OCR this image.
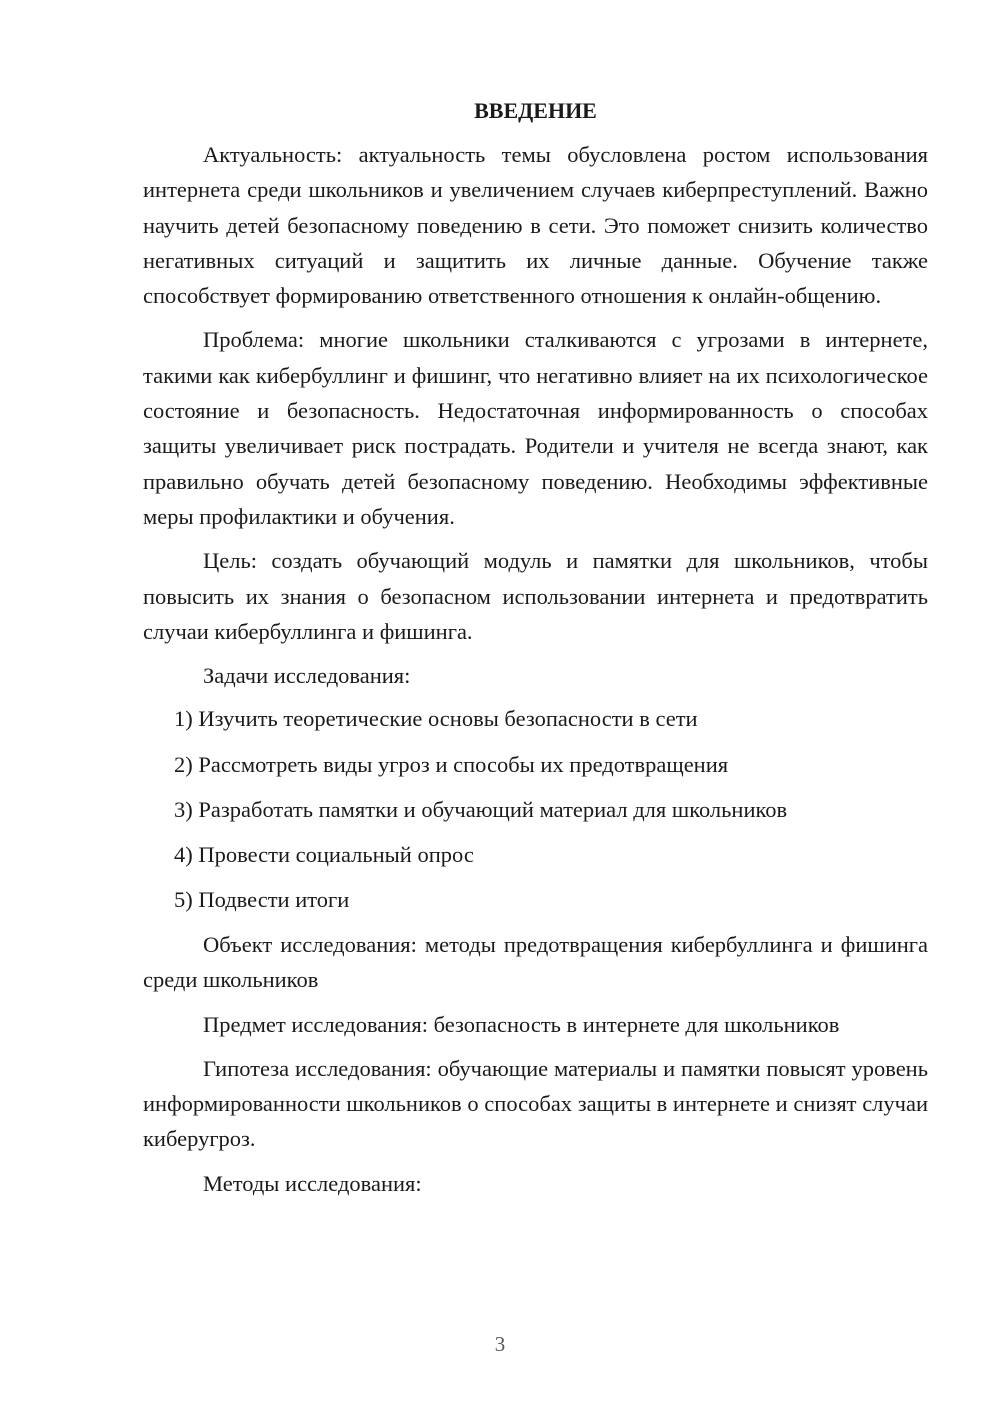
ВВЕДЕНИЕ

Актуальность: актуальность темы обусловлена ростом использования интернета среди школьников и увеличением случаев киберпреступлений. Важно научить детей безопасному поведению в сети. Это поможет снизить количество негативных ситуаций и защитить их личные данные. Обучение также способствует формированию ответственного отношения к онлайн-общению.

Проблема: многие школьники сталкиваются с угрозами в интернете, такими как кибербуллинг и фишинг, что негативно влияет на их психологическое состояние и безопасность. Недостаточная информированность о способах защиты увеличивает риск пострадать. Родители и учителя не всегда знают, как правильно обучать детей безопасному поведению. Необходимы эффективные меры профилактики и обучения.

Цель: создать обучающий модуль и памятки для школьников, чтобы повысить их знания о безопасном использовании интернета и предотвратить случаи кибербуллинга и фишинга.

Задачи исследования:

1) Изучить теоретические основы безопасности в сети
2) Рассмотреть виды угроз и способы их предотвращения
3) Разработать памятки и обучающий материал для школьников
4) Провести социальный опрос
5) Подвести итоги

Объект исследования: методы предотвращения кибербуллинга и фишинга среди школьников

Предмет исследования: безопасность в интернете для школьников

Гипотеза исследования: обучающие материалы и памятки повысят уровень информированности школьников о способах защиты в интернете и снизят случаи киберугроз.

Методы исследования:

3
